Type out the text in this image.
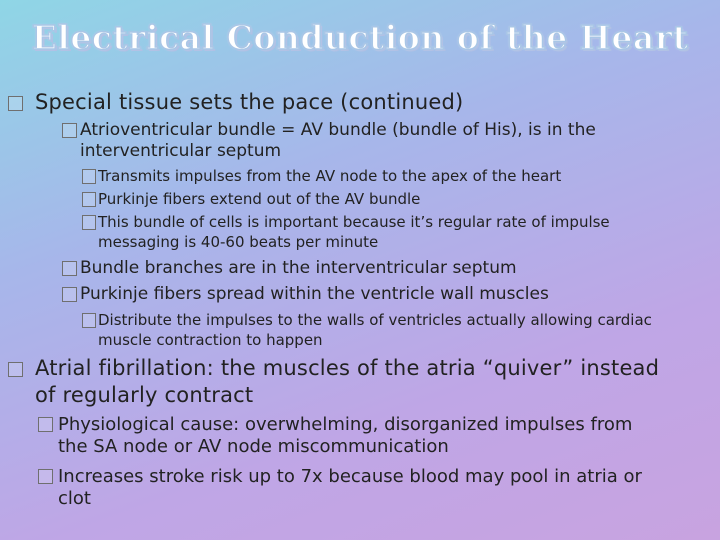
Electrical Conduction of the Heart
Special tissue sets the pace (continued)
Atrioventricular bundle = AV bundle (bundle of His), is in the
interventricular septum
Transmits impulses from the AV node to the apex of the heart
Purkinje fibers extend out of the AV bundle
This bundle of cells is important because it’s regular rate of impulse
messaging is 40-60 beats per minute
Bundle branches are in the interventricular septum
Purkinje fibers spread within the ventricle wall muscles
Distribute the impulses to the walls of ventricles actually allowing cardiac
muscle contraction to happen
Atrial fibrillation: the muscles of the atria “quiver” instead
of regularly contract
Physiological cause: overwhelming, disorganized impulses from
the SA node or AV node miscommunication
Increases stroke risk up to 7x because blood may pool in atria or
clot
